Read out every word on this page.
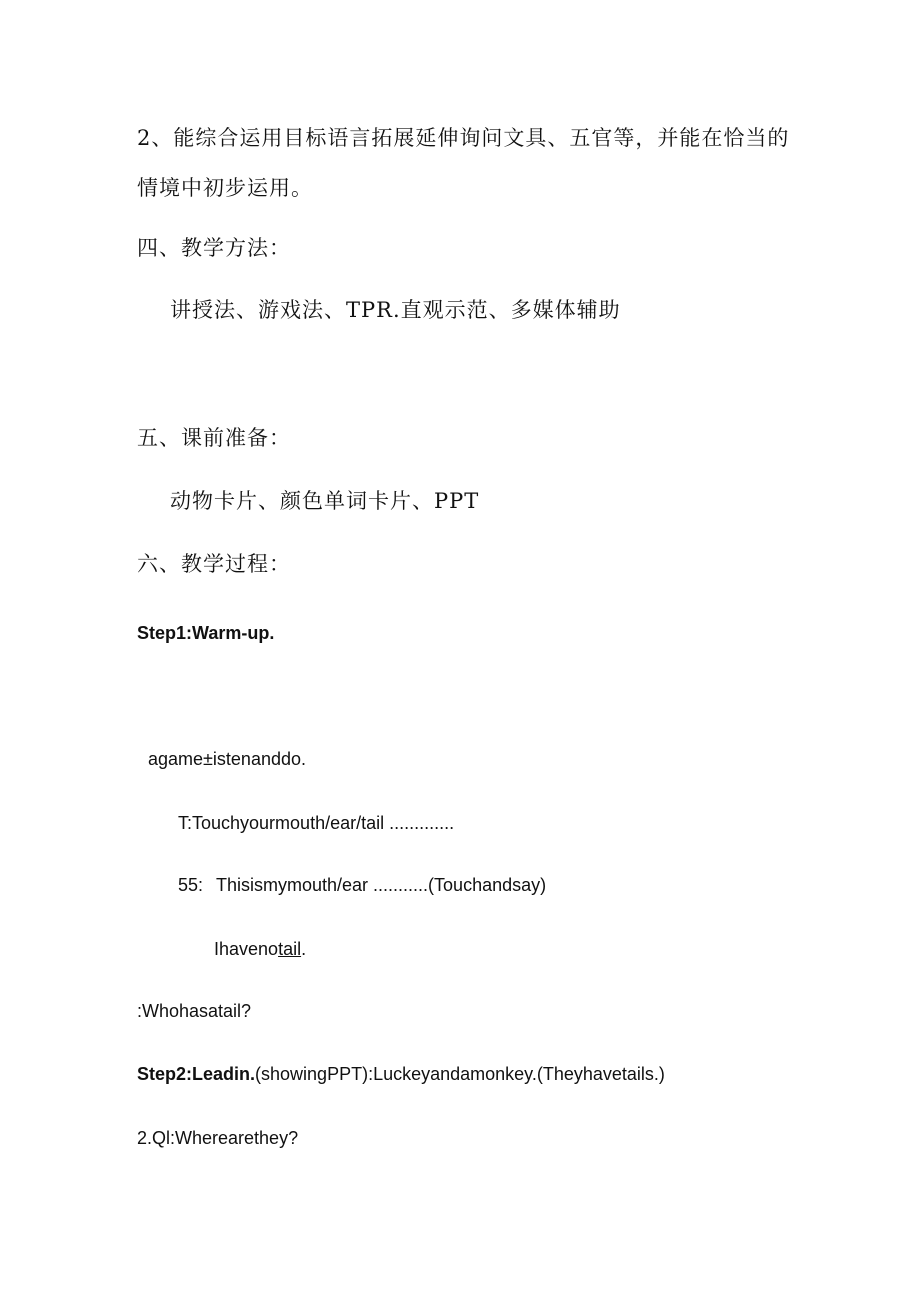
2、能综合运用目标语言拓展延伸询问文具、五官等，并能在恰当的
情境中初步运用。
四、教学方法：
讲授法、游戏法、TPR.直观示范、多媒体辅助
五、课前准备：
动物卡片、颜色单词卡片、PPT
六、教学过程：
Step1:Warm-up.
agame±istenanddo.
T:Touchyourmouth/ear/tail .............
55: Thisismymouth/ear ...........(Touchandsay)
Ihavenotail.
:Whohasatail?
Step2:Leadin.(showingPPT):Luckeyandamonkey.(Theyhavetails.)
2.Ql:Wherearethey?
